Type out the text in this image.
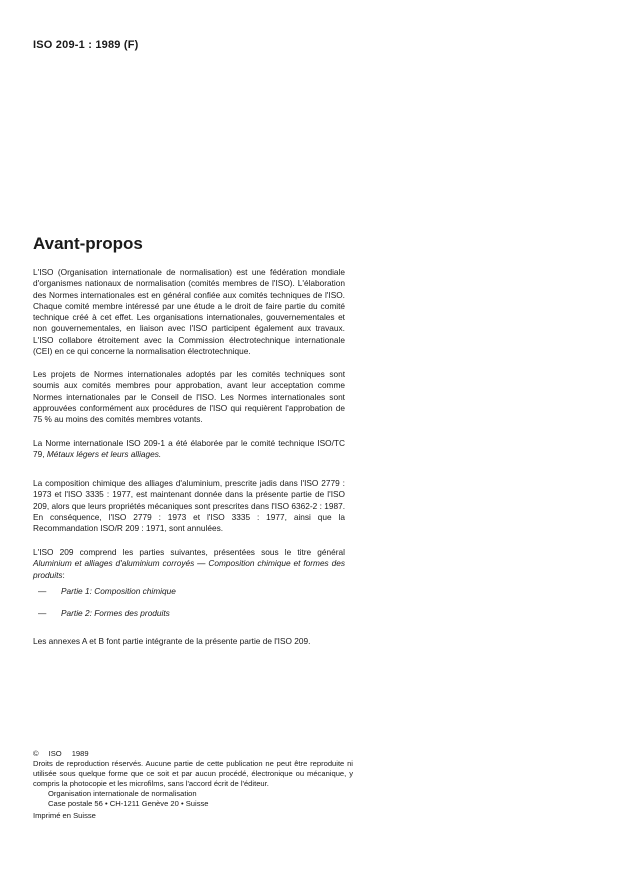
ISO 209-1 : 1989 (F)
Avant-propos

L'ISO (Organisation internationale de normalisation) est une fédération mondiale d'organismes nationaux de normalisation (comités membres de l'ISO). L'élaboration des Normes internationales est en général confiée aux comités techniques de l'ISO. Chaque comité membre intéressé par une étude a le droit de faire partie du comité technique créé à cet effet. Les organisations internationales, gouvernementales et non gouvernementales, en liaison avec l'ISO participent également aux travaux. L'ISO collabore étroitement avec la Commission électrotechnique internationale (CEI) en ce qui concerne la normalisation électrotechnique.

Les projets de Normes internationales adoptés par les comités techniques sont soumis aux comités membres pour approbation, avant leur acceptation comme Normes internationales par le Conseil de l'ISO. Les Normes internationales sont approuvées conformément aux procédures de l'ISO qui requièrent l'approbation de 75 % au moins des comités membres votants.

La Norme internationale ISO 209-1 a été élaborée par le comité technique ISO/TC 79, Métaux légers et leurs alliages.

La composition chimique des alliages d'aluminium, prescrite jadis dans l'ISO 2779 : 1973 et l'ISO 3335 : 1977, est maintenant donnée dans la présente partie de l'ISO 209, alors que leurs propriétés mécaniques sont prescrites dans l'ISO 6362-2 : 1987. En conséquence, l'ISO 2779 : 1973 et l'ISO 3335 : 1977, ainsi que la Recommandation ISO/R 209 : 1971, sont annulées.

L'ISO 209 comprend les parties suivantes, présentées sous le titre général Aluminium et alliages d'aluminium corroyés — Composition chimique et formes des produits:

—	Partie 1: Composition chimique
—	Partie 2: Formes des produits

Les annexes A et B font partie intégrante de la présente partie de l'ISO 209.

© ISO 1989
Droits de reproduction réservés. Aucune partie de cette publication ne peut être reproduite ni utilisée sous quelque forme que ce soit et par aucun procédé, électronique ou mécanique, y compris la photocopie et les microfilms, sans l'accord écrit de l'éditeur.
Organisation internationale de normalisation
Case postale 56 • CH-1211 Genève 20 • Suisse
Imprimé en Suisse
